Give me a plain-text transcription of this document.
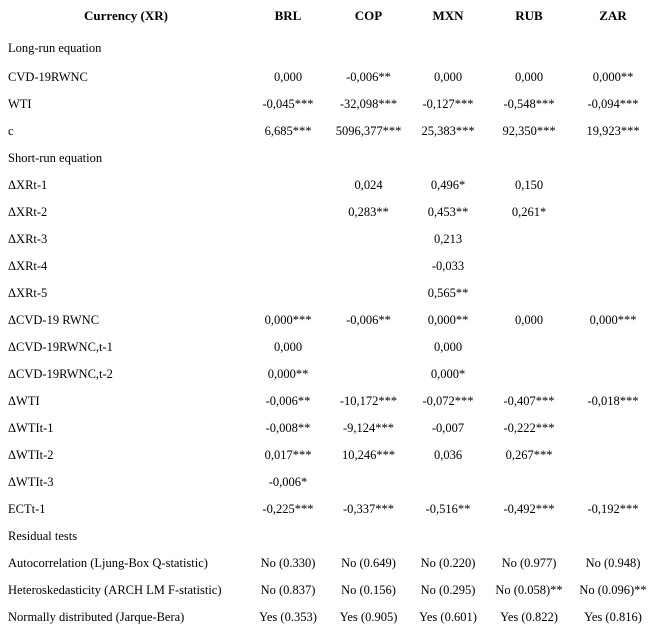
Currency (XR)	BRL	COP	MXN	RUB	ZAR
Long-run equation					
CVD-19RWNC	0,000	-0,006**	0,000	0,000	0,000**
WTI	-0,045***	-32,098***	-0,127***	-0,548***	-0,094***
c	6,685***	5096,377***	25,383***	92,350***	19,923***
Short-run equation					
ΔXRt-1		0,024	0,496*	0,150	
ΔXRt-2		0,283**	0,453**	0,261*	
ΔXRt-3			0,213		
ΔXRt-4			-0,033		
ΔXRt-5			0,565**		
ΔCVD-19 RWNC	0,000***	-0,006**	0,000**	0,000	0,000***
ΔCVD-19RWNC,t-1	0,000		0,000		
ΔCVD-19RWNC,t-2	0,000**		0,000*		
ΔWTI	-0,006**	-10,172***	-0,072***	-0,407***	-0,018***
ΔWTIt-1	-0,008**	-9,124***	-0,007	-0,222***	
ΔWTIt-2	0,017***	10,246***	0,036	0,267***	
ΔWTIt-3	-0,006*				
ECTt-1	-0,225***	-0,337***	-0,516**	-0,492***	-0,192***
Residual tests					
Autocorrelation (Ljung-Box Q-statistic)	No (0.330)	No (0.649)	No (0.220)	No (0.977)	No (0.948)
Heteroskedasticity (ARCH LM F-statistic)	No (0.837)	No (0.156)	No (0.295)	No (0.058)**	No (0.096)**
Normally distributed (Jarque-Bera)	Yes (0.353)	Yes (0.905)	Yes (0.601)	Yes (0.822)	Yes (0.816)
